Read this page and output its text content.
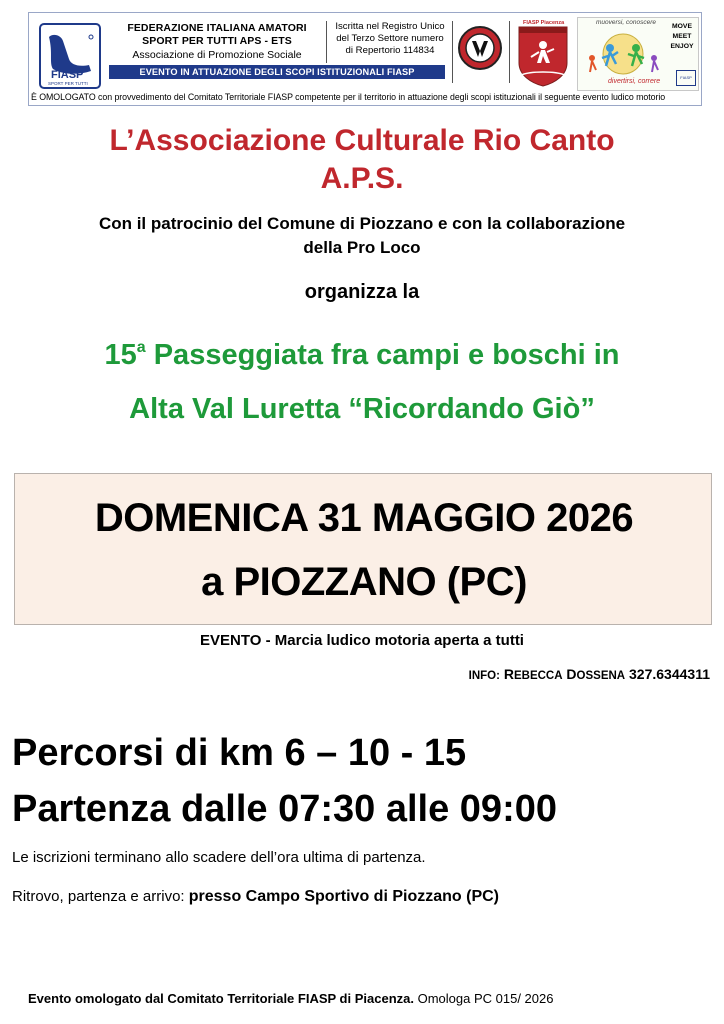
FIASP
SPORT PER TUTTI
FEDERAZIONE ITALIANA AMATORI
SPORT PER TUTTI APS - ETS
Associazione di Promozione Sociale
EVENTO IN ATTUAZIONE DEGLI SCOPI ISTITUZIONALI FIASP
Iscritta nel Registro Unico
del Terzo Settore numero
di Repertorio 114834
FIASP Piacenza	muoversi, conoscere
MOVE
MEET
ENJOY
FIASP
divertirsi, correre
È OMOLOGATO con provvedimento del Comitato Territoriale FIASP competente per il territorio in attuazione degli scopi istituzionali il seguente evento ludico motorio
L’Associazione Culturale Rio Canto
A.P.S.
Con il patrocinio del Comune di Piozzano e con la collaborazione
della Pro Loco
organizza la
15$^a$ Passeggiata fra campi e boschi in
Alta Val Luretta “Ricordando Giò”
DOMENICA 31 MAGGIO 2026
a PIOZZANO (PC)
EVENTO - Marcia ludico motoria aperta a tutti
INFO: REBECCA DOSSENA 327.6344311
Percorsi di km 6 – 10 - 15
Partenza dalle 07:30 alle 09:00
Le iscrizioni terminano allo scadere dell’ora ultima di partenza.
Ritrovo, partenza e arrivo: presso Campo Sportivo di Piozzano (PC)
Evento omologato dal Comitato Territoriale FIASP di Piacenza. Omologa PC 015/ 2026
